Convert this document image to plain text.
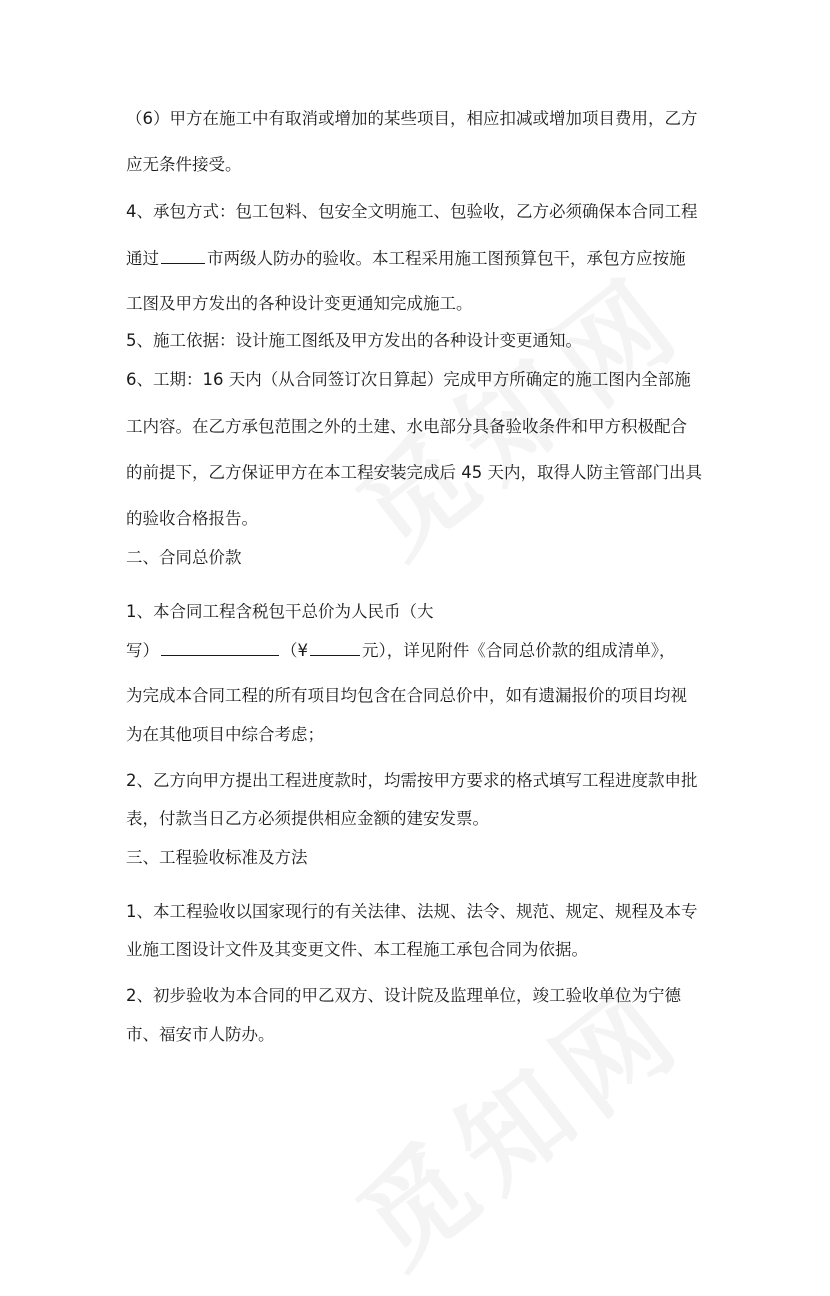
（6）甲方在施工中有取消或增加的某些项目，相应扣减或增加项目费用，乙方
应无条件接受。
4、承包方式：包工包料、包安全文明施工、包验收，乙方必须确保本合同工程
通过	市两级人防办的验收。本工程采用施工图预算包干，承包方应按施
工图及甲方发出的各种设计变更通知完成施工。
5、施工依据：设计施工图纸及甲方发出的各种设计变更通知。
6、工期：16 天内（从合同签订次日算起）完成甲方所确定的施工图内全部施
工内容。在乙方承包范围之外的土建、水电部分具备验收条件和甲方积极配合
的前提下，乙方保证甲方在本工程安装完成后 45 天内，取得人防主管部门出具
的验收合格报告。
二、合同总价款
1、本合同工程含税包干总价为人民币（大
写）	（¥	元），详见附件《合同总价款的组成清单》，
为完成本合同工程的所有项目均包含在合同总价中，如有遗漏报价的项目均视
为在其他项目中综合考虑；
2、乙方向甲方提出工程进度款时，均需按甲方要求的格式填写工程进度款申批
表，付款当日乙方必须提供相应金额的建安发票。
三、工程验收标准及方法
1、本工程验收以国家现行的有关法律、法规、法令、规范、规定、规程及本专
业施工图设计文件及其变更文件、本工程施工承包合同为依据。
2、初步验收为本合同的甲乙双方、设计院及监理单位，竣工验收单位为宁德
市、福安市人防办。
